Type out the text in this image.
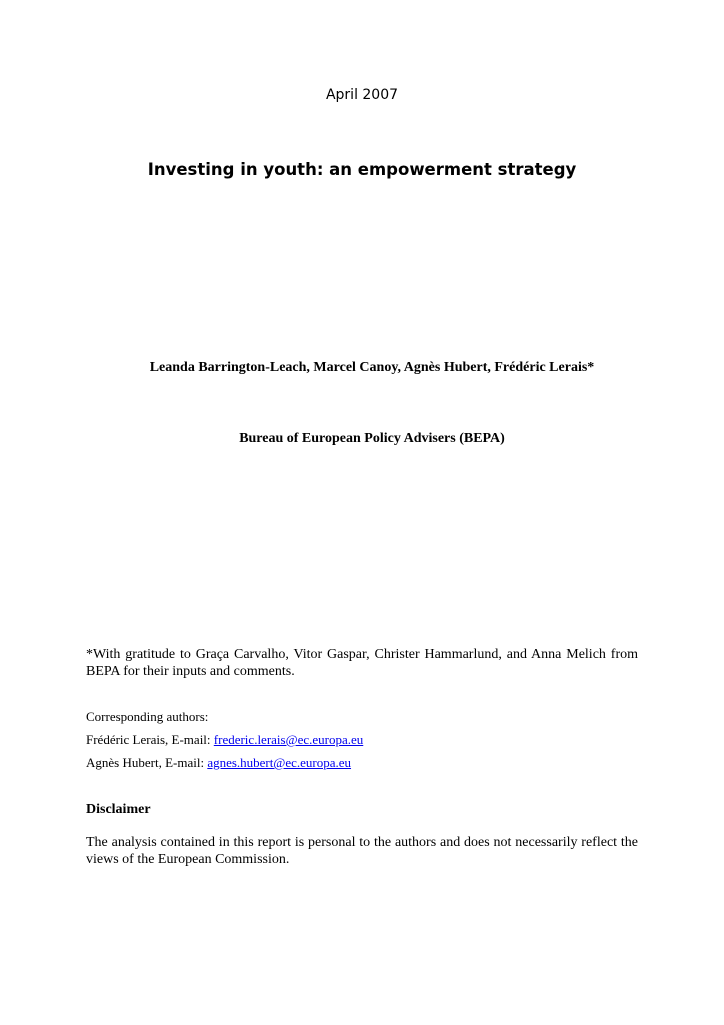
April 2007
Investing in youth: an empowerment strategy
Leanda Barrington-Leach, Marcel Canoy, Agnès Hubert, Frédéric Lerais*
Bureau of European Policy Advisers (BEPA)
*With gratitude to Graça Carvalho, Vitor Gaspar, Christer Hammarlund, and Anna Melich from BEPA for their inputs and comments.
Corresponding authors:
Frédéric Lerais, E-mail: frederic.lerais@ec.europa.eu
Agnès Hubert, E-mail: agnes.hubert@ec.europa.eu
Disclaimer
The analysis contained in this report is personal to the authors and does not necessarily reflect the views of the European Commission.
